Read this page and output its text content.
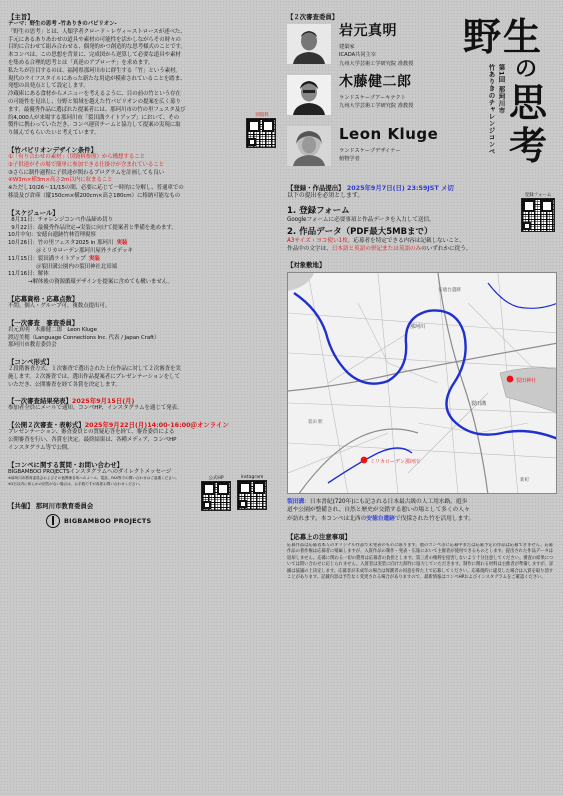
【主旨】

テーマ：野生の思考 -竹ありきのパビリオン-

「野生の思考」とは、人類学者クロード・レヴィ＝ストロースが述べた、

手元にあるありあわせの道具や素材の可能性を活かしながらその時々の

目的に合わせて組み合わせる、偶発的かつ創造的な思考様式のことです。

本コンペは、この思想を背景に、完成図から逆算して必要な道具や素材

を集める合理的思考とは「真逆のアプローチ」を求めます。

私たちが注目するのは、福岡県那珂川市に群生する「竹」という素材。

現代のライフスタイルにあった新たな用途が模索されていることを踏ま、

発想の出発点として設定します。

冷蔵庫にある食材からメニューを考えるように、目の前の竹という存在

の可能性を見出し、分野と領域を越えた竹パビリオンの提案を広く募り

ます。最優秀作品に選ばれた提案者には、那珂川市の竹の里フェスタ及び

約4,000人が来場する那珂川市「裂田溝ライトアップ」において、その

製作に携わっていただき、コンペ運営チームと協力して提案の実現に取

り組んでもらいたいと考えています。

【竹パビリオンデザイン条件】

①「有り合わせの素材」（別資料参照）から構想すること

②子供達がその場で簡単に参加できる仕掛けが含まれていること

③さらに制作過程に子供達が関わるプログラムを計画しても良い

④W3m×横3m×高さ2m以内に収まること

※ただし10/26～11/15の間、必要に応じて一時的に分解し、普通車での

移設及び倉庫（縦150cm×横200cm×高さ180cm）に格納可能なもの

別資料
【スケジュール】

8月31日：チャレンジコンペ作品締め切り

9月22日：最優秀作品決定→実装に向けて提案者と準備を進めます。

10月中旬：安徳台遺跡竹林管理視察

10月26日：竹の里フェスタ2025 in 那珂川 実装

＠ミリカローデン那珂川屋外ラボデッキ

11月15日：裂田溝ライトアップ 実装

＠裂田溝公園内の裂田神社北田端

11月16日：解体

→解体後の資源循環デザインを提案に含めても構いません。

【応募資格・応募点数】
不問。個人・グループ可。複数点提出可。
【一次審査　審査委員】

岩元真明　木藤健二郎　Leon Kluge

渡辺美穂（Language Connections Inc. 代表 / Japan Craft）

那珂川市教育委員会

【コンペ形式】

２段階審査方式。１次審査で選出された上位作品に対して２次審査を実

施します。２次審査では、選出作品提案者にプレゼンテーションをして

いただき、公開審査を経て各賞を決定します。

【一次審査結果発表】2025年9月15日(月)
参加者全員にメールで通知。コンペHP、インスタグラムを通じて発表。
【公開２次審査・表彰式】2025年9月22日(月)14:00-16:00＠オンライン

プレゼンテーション、審査委員との質疑応答を経て、審査委員による

公開審査を行い、各賞を決定。最終結果は、各種メディア、コンペHP

インスタグラム等で公開。

【コンペに関する質問・お問い合わせ】
BIGBAMBOO PROJECTSインスタグラムへのダイレクトメッセージ

※那珂川市教育委員会およびその他関係各所へのメール、電話、FAX等での問い合わせはご遠慮ください。

※3日以内に何らかの回答がない場合は、お手数ですが再度お問い合わせください。

公式HP	instagram
【共催】 那珂川市教育委員会
BIGBAMBOO PROJECTS
【２次審査委員】
岩元真明

建築家

ICADA共同主宰

九州大学芸術工学研究院 准教授

木藤健二郎

ランドスケープアーキテクト

九州大学芸術工学研究院 准教授

Leon Kluge

ランドスケープデザイナー

植物学者

野 生
の
思
考
第1回 那珂川市
竹ありきのチャレンジコンペ
【登録・作品提出】 2025年9月7日(日) 23:59JST メ切
以下の提出を必須とします。
1. 登録フォーム
Googleフォームに必要事項と作品データを入力して送信。
2. 作品データ（PDF最大5MBまで）
A3サイズ・ヨコ使い1枚。応募者を特定できる内容は記載しないこと。
作品中の文字は、日本語と英語の併記または英語のみのいずれかに従う。
登録フォーム
【対象敷地】
裂田神社
ミリカローデン那珂川
裂田溝
那珂川
安徳台遺跡
新町
裂田 駅
裂田溝：日本書紀(720年)にも記される日本最古級の人工用水路。遊歩
道や公園が整備され、自然と歴史が交錯する憩いの場として多くの人々
が訪れます。本コンペは北西の安徳台遺跡で伐採された竹を活用します。
【応募上の注意事項】
応募作品は応募者本人のオリジナル作品で未発表のものに限ります。他のコンペ等に応募中または応募予定の作品は応募できません。応募作品の著作権は応募者に帰属しますが、入賞作品の制作・発表・広報において主催者が使用できるものとします。提出された作品データは返却しません。応募に関わる一切の費用は応募者の負担とします。第三者の権利を侵害しないよう十分注意してください。審査の結果については問い合わせに応じられません。入賞者は実装に向けた制作に協力していただきます。制作に関わる材料は主催者が準備しますが、詳細は協議の上決定します。応募者が未成年の場合は保護者の同意を得た上で応募してください。応募規約に違反した場合は入賞を取り消すことがあります。記載内容は予告なく変更される場合がありますので、最新情報はコンペHPおよびインスタグラムをご確認ください。
